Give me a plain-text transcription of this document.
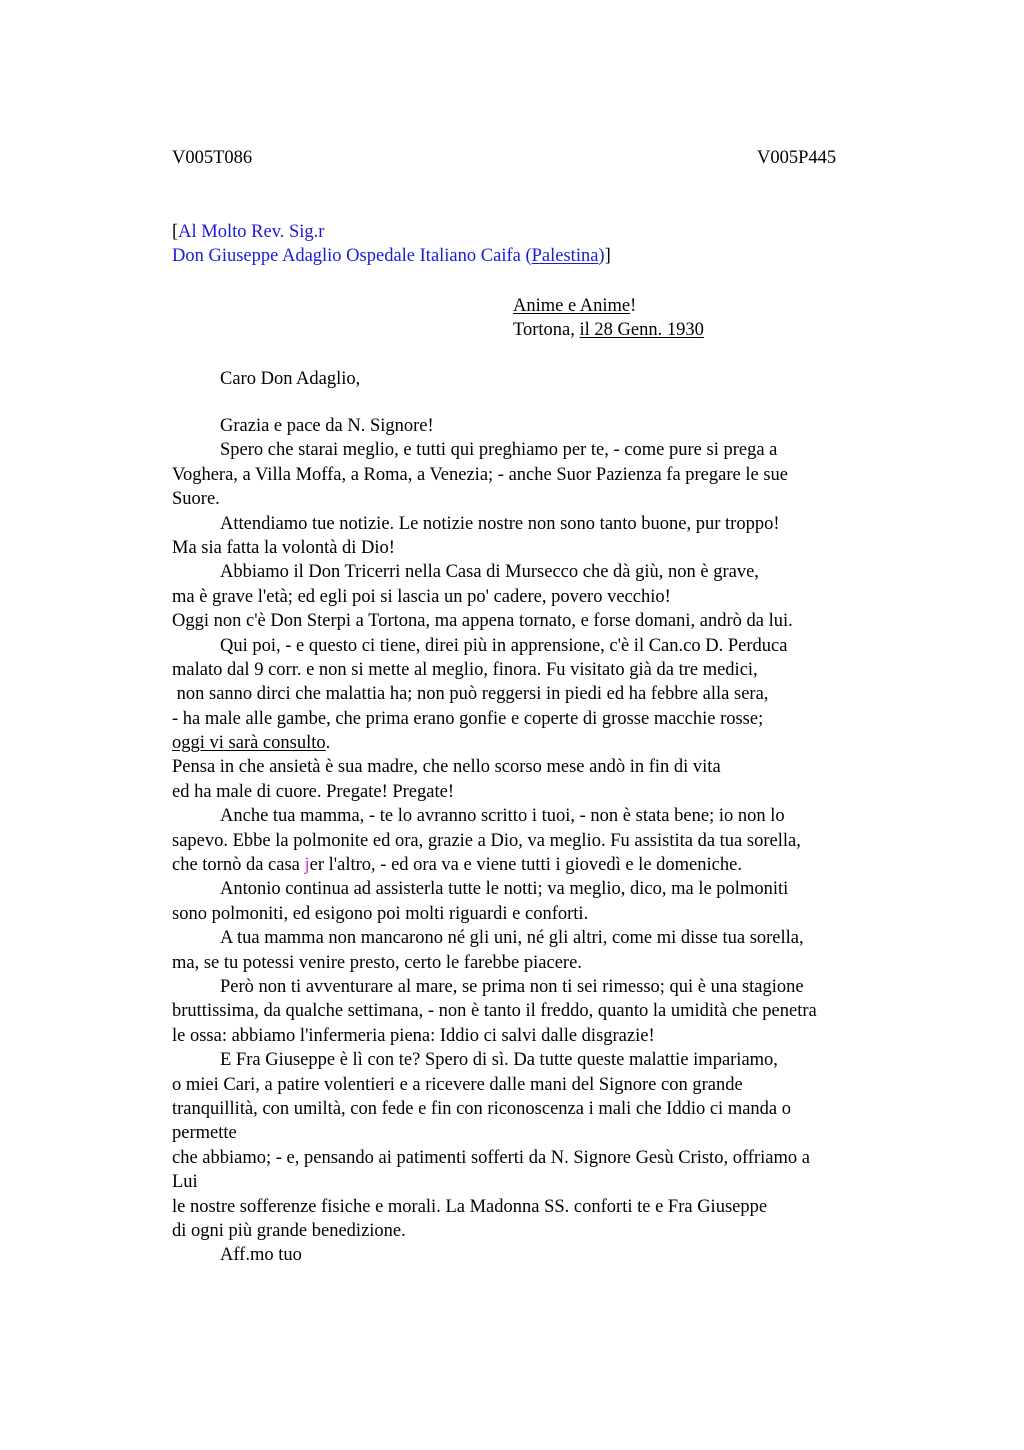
V005T086	V005P445
[Al Molto Rev. Sig.r
Don Giuseppe Adaglio Ospedale Italiano Caifa (Palestina)]
Anime e Anime!
Tortona, il 28 Genn. 1930
Caro Don Adaglio,
Grazia e pace da N. Signore!
Spero che starai meglio, e tutti qui preghiamo per te, - come pure si prega a
Voghera, a Villa Moffa, a Roma, a Venezia; - anche Suor Pazienza fa pregare le sue
Suore.
Attendiamo tue notizie. Le notizie nostre non sono tanto buone, pur troppo!
Ma sia fatta la volontà di Dio!
Abbiamo il Don Tricerri nella Casa di Mursecco che dà giù, non è grave,
ma è grave l'età; ed egli poi si lascia un po' cadere, povero vecchio!
Oggi non c'è Don Sterpi a Tortona, ma appena tornato, e forse domani, andrò da lui.
Qui poi, - e questo ci tiene, direi più in apprensione, c'è il Can.co D. Perduca
malato dal 9 corr. e non si mette al meglio, finora. Fu visitato già da tre medici,
non sanno dirci che malattia ha; non può reggersi in piedi ed ha febbre alla sera,
- ha male alle gambe, che prima erano gonfie e coperte di grosse macchie rosse;
oggi vi sarà consulto.
Pensa in che ansietà è sua madre, che nello scorso mese andò in fin di vita
ed ha male di cuore. Pregate! Pregate!
Anche tua mamma, - te lo avranno scritto i tuoi, - non è stata bene; io non lo
sapevo. Ebbe la polmonite ed ora, grazie a Dio, va meglio. Fu assistita da tua sorella,
che tornò da casa jer l'altro, - ed ora va e viene tutti i giovedì e le domeniche.
Antonio continua ad assisterla tutte le notti; va meglio, dico, ma le polmoniti
sono polmoniti, ed esigono poi molti riguardi e conforti.
A tua mamma non mancarono né gli uni, né gli altri, come mi disse tua sorella,
ma, se tu potessi venire presto, certo le farebbe piacere.
Però non ti avventurare al mare, se prima non ti sei rimesso; qui è una stagione
bruttissima, da qualche settimana, - non è tanto il freddo, quanto la umidità che penetra
le ossa: abbiamo l'infermeria piena: Iddio ci salvi dalle disgrazie!
E Fra Giuseppe è lì con te? Spero di sì. Da tutte queste malattie impariamo,
o miei Cari, a patire volentieri e a ricevere dalle mani del Signore con grande
tranquillità, con umiltà, con fede e fin con riconoscenza i mali che Iddio ci manda o
permette
che abbiamo; - e, pensando ai patimenti sofferti da N. Signore Gesù Cristo, offriamo a
Lui
le nostre sofferenze fisiche e morali. La Madonna SS. conforti te e Fra Giuseppe
di ogni più grande benedizione.
Aff.mo tuo
